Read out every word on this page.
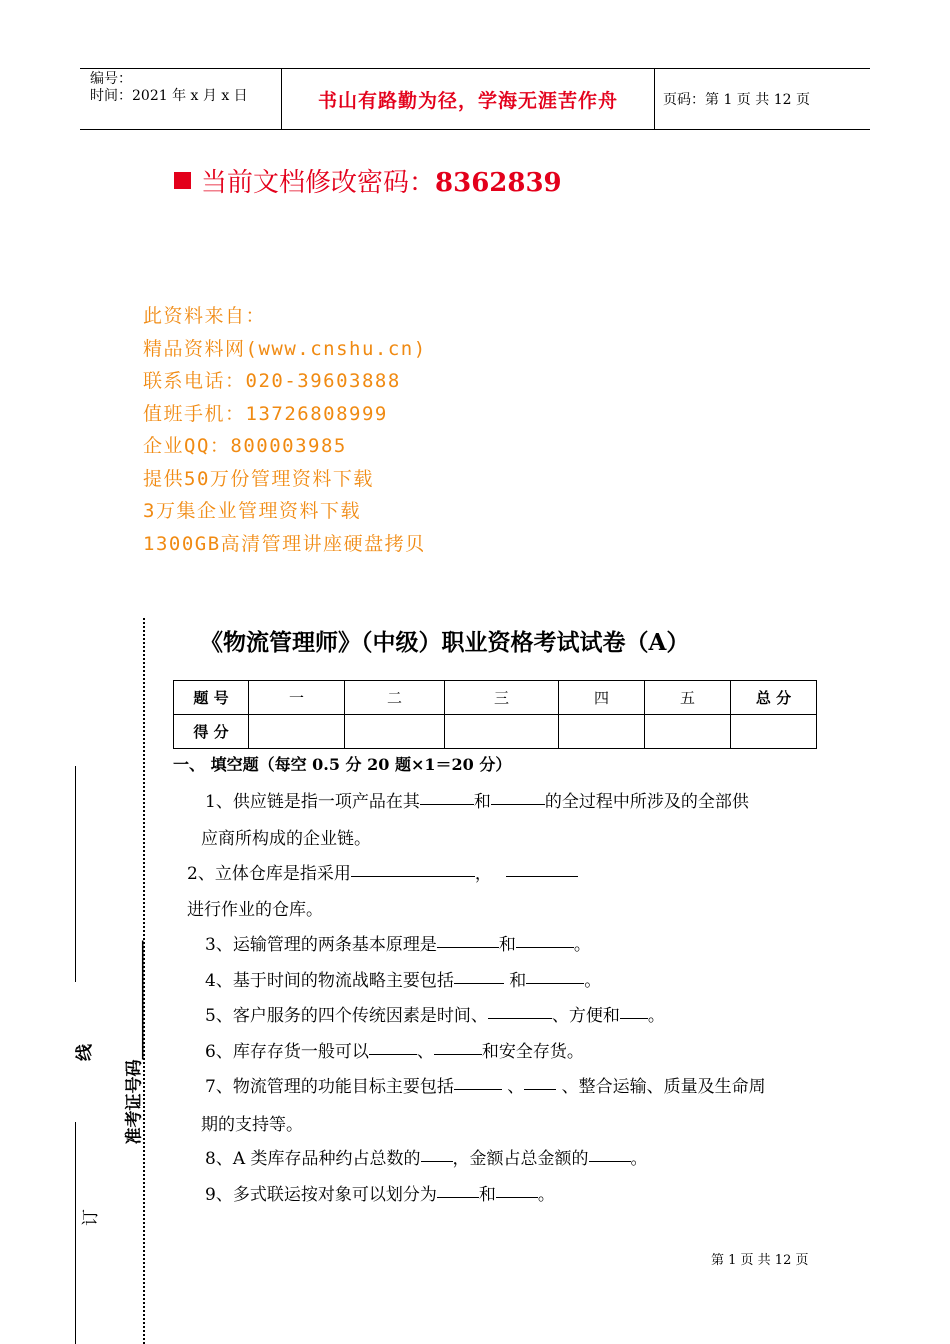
编号：
时间：2021 年 x 月 x 日	书山有路勤为径，学海无涯苦作舟	页码：第 1 页 共 12 页
当前文档修改密码：8362839
此资料来自：
精品资料网(www.cnshu.cn)
联系电话：020-39603888
值班手机：13726808999
企业QQ：800003985
提供50万份管理资料下载
3万集企业管理资料下载
1300GB高清管理讲座硬盘拷贝
准考证号码______________
线
订
《物流管理师》（中级）职业资格考试试卷（A）
题 号	一	二	三	四	五	总 分
得 分						
一、 填空题（每空 0.5 分 20 题×1＝20 分）
1、供应链是指一项产品在其	和	的全过程中所涉及的全部供
应商所构成的企业链。
2、立体仓库是指采用	，
进行作业的仓库。
3、运输管理的两条基本原理是	和	。
4、基于时间的物流战略主要包括	和	。
5、客户服务的四个传统因素是时间、	、方便和 。
6、库存存货一般可以	、	和安全存货。
7、物流管理的功能目标主要包括	、 、整合运输、质量及生命周
期的支持等。
8、A 类库存品种约占总数的 ，金额占总金额的 。
9、多式联运按对象可以划分为 和 。
第 1 页 共 12 页
